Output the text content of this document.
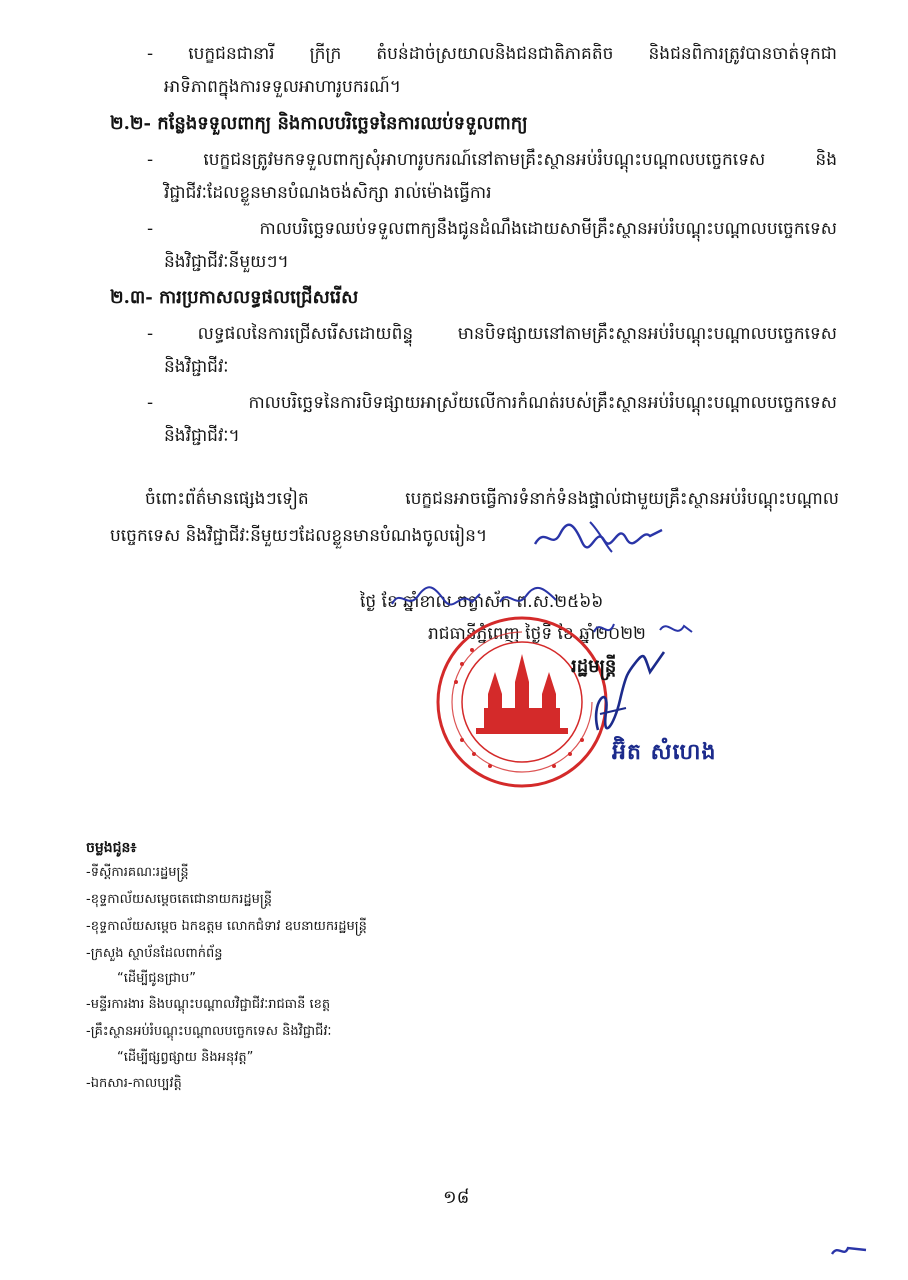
- បេក្ខជនជានារី ក្រីក្រ តំបន់ដាច់ស្រយាលនិងជនជាតិភាគតិច និងជនពិការត្រូវបានចាត់ទុកជា
អាទិភាពក្នុងការទទួលអាហារូបករណ៍។
២.២- កន្លែងទទួលពាក្យ និងកាលបរិច្ឆេទនៃការឈប់ទទួលពាក្យ
- បេក្ខជនត្រូវមកទទួលពាក្យសុំអាហារូបករណ៍នៅតាមគ្រឹះស្ថានអប់រំបណ្តុះបណ្តាលបច្ចេកទេស និង
វិជ្ជាជីវៈដែលខ្លួនមានបំណងចង់សិក្សា រាល់ម៉ោងធ្វើការ
- កាលបរិច្ឆេទឈប់ទទួលពាក្យនឹងជូនដំណឹងដោយសាមីគ្រឹះស្ថានអប់រំបណ្តុះបណ្តាលបច្ចេកទេស
និងវិជ្ជាជីវៈនីមួយៗ។
២.៣- ការប្រកាសលទ្ធផលជ្រើសរើស
- លទ្ធផលនៃការជ្រើសរើសដោយពិន្ទុ មានបិទផ្សាយនៅតាមគ្រឹះស្ថានអប់រំបណ្តុះបណ្តាលបច្ចេកទេស
និងវិជ្ជាជីវៈ
- កាលបរិច្ឆេទនៃការបិទផ្សាយអាស្រ័យលើការកំណត់របស់គ្រឹះស្ថានអប់រំបណ្តុះបណ្តាលបច្ចេកទេស
និងវិជ្ជាជីវៈ។
ចំពោះព័ត៌មានផ្សេងៗទៀត បេក្ខជនអាចធ្វើការទំនាក់ទំនងផ្ទាល់ជាមួយគ្រឹះស្ថានអប់រំបណ្តុះបណ្តាល
បច្ចេកទេស និងវិជ្ជាជីវៈនីមួយៗដែលខ្លួនមានបំណងចូលរៀន។
ថ្ងៃ ខែ ឆ្នាំខាល ចត្វាស័ក ព.ស.២៥៦៦
រាជធានីភ្នំពេញ ថ្ងៃទី ខែ ឆ្នាំ២០២២
រដ្ឋមន្ត្រី
អ៊ិត សំហេង
ចម្លងជូន៖
-ទីស្ដីការគណៈរដ្ឋមន្ត្រី
-ខុទ្ទកាល័យសម្ដេចតេជោនាយករដ្ឋមន្ត្រី
-ខុទ្ទកាល័យសម្ដេច ឯកឧត្តម លោកជំទាវ ឧបនាយករដ្ឋមន្ត្រី
-ក្រសួង ស្ថាប័នដែលពាក់ព័ន្ធ
“ដើម្បីជូនជ្រាប”
-មន្ទីរការងារ និងបណ្តុះបណ្តាលវិជ្ជាជីវៈរាជធានី ខេត្ត
-គ្រឹះស្ថានអប់រំបណ្តុះបណ្តាលបច្ចេកទេស និងវិជ្ជាជីវៈ
“ដើម្បីផ្សព្វផ្សាយ និងអនុវត្ត”
-ឯកសារ-កាលប្បវត្តិ
១៨
